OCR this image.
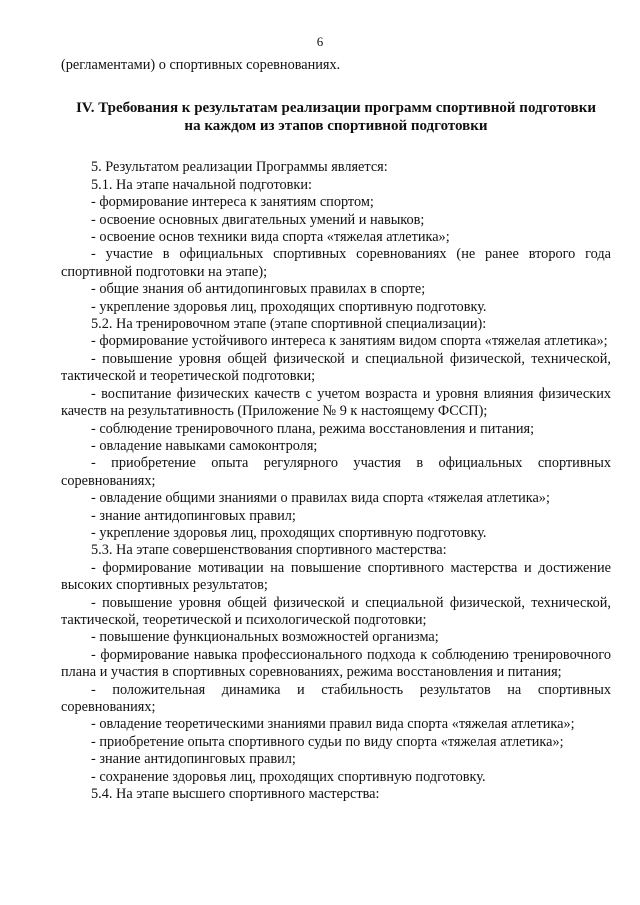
6

(регламентами) о спортивных соревнованиях.

IV. Требования к результатам реализации программ спортивной подготовки
на каждом из этапов спортивной подготовки

5. Результатом реализации Программы является:

5.1. На этапе начальной подготовки:

- формирование интереса к занятиям спортом;

- освоение основных двигательных умений и навыков;

- освоение основ техники вида спорта «тяжелая атлетика»;

- участие в официальных спортивных соревнованиях (не ранее второго года спортивной подготовки на этапе);

- общие знания об антидопинговых правилах в спорте;

- укрепление здоровья лиц, проходящих спортивную подготовку.

5.2. На тренировочном этапе (этапе спортивной специализации):

- формирование устойчивого интереса к занятиям видом спорта «тяжелая атлетика»;

- повышение уровня общей физической и специальной физической, технической, тактической и теоретической подготовки;

- воспитание физических качеств с учетом возраста и уровня влияния физических качеств на результативность (Приложение № 9 к настоящему ФССП);

- соблюдение тренировочного плана, режима восстановления и питания;

- овладение навыками самоконтроля;

- приобретение опыта регулярного участия в официальных спортивных соревнованиях;

- овладение общими знаниями о правилах вида спорта «тяжелая атлетика»;

- знание антидопинговых правил;

- укрепление здоровья лиц, проходящих спортивную подготовку.

5.3. На этапе совершенствования спортивного мастерства:

- формирование мотивации на повышение спортивного мастерства и достижение высоких спортивных результатов;

- повышение уровня общей физической и специальной физической, технической, тактической, теоретической и психологической подготовки;

- повышение функциональных возможностей организма;

- формирование навыка профессионального подхода к соблюдению тренировочного плана и участия в спортивных соревнованиях, режима восстановления и питания;

- положительная динамика и стабильность результатов на спортивных соревнованиях;

- овладение теоретическими знаниями правил вида спорта «тяжелая атлетика»;

- приобретение опыта спортивного судьи по виду спорта «тяжелая атлетика»;

- знание антидопинговых правил;

- сохранение здоровья лиц, проходящих спортивную подготовку.

5.4. На этапе высшего спортивного мастерства:
